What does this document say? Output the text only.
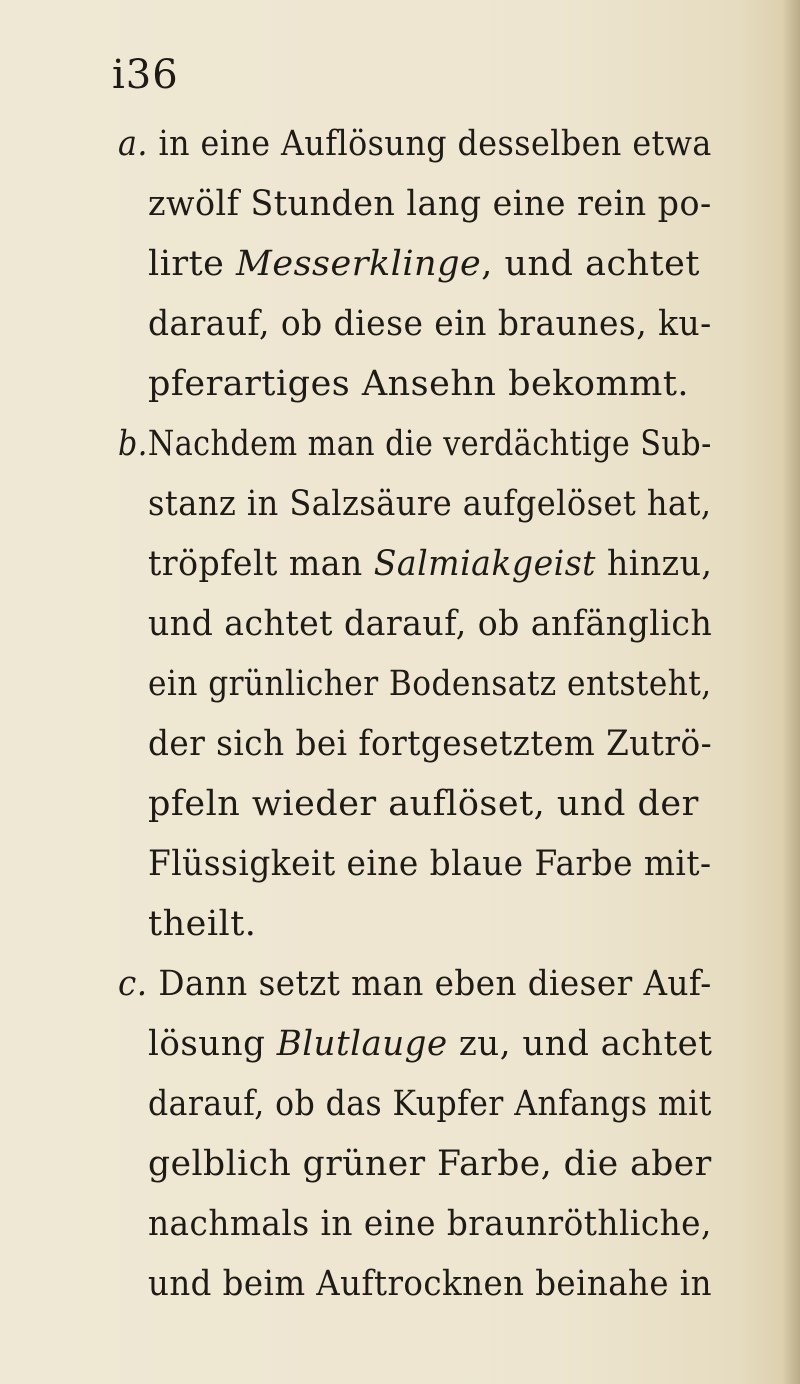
i36
a. in eine Auflösung desselben etwa
zwölf Stunden lang eine rein po-
lirte Messerklinge, und achtet
darauf, ob diese ein braunes, ku-
pferartiges Ansehn bekommt.
b.Nachdem man die verdächtige Sub-
stanz in Salzsäure aufgelöset hat,
tröpfelt man Salmiakgeist hinzu,
und achtet darauf, ob anfänglich
ein grünlicher Bodensatz entsteht,
der sich bei fortgesetztem Zutrö-
pfeln wieder auflöset, und der
Flüssigkeit eine blaue Farbe mit-
theilt.
c. Dann setzt man eben dieser Auf-
lösung Blutlauge zu, und achtet
darauf, ob das Kupfer Anfangs mit
gelblich grüner Farbe, die aber
nachmals in eine braunröthliche,
und beim Auftrocknen beinahe in
